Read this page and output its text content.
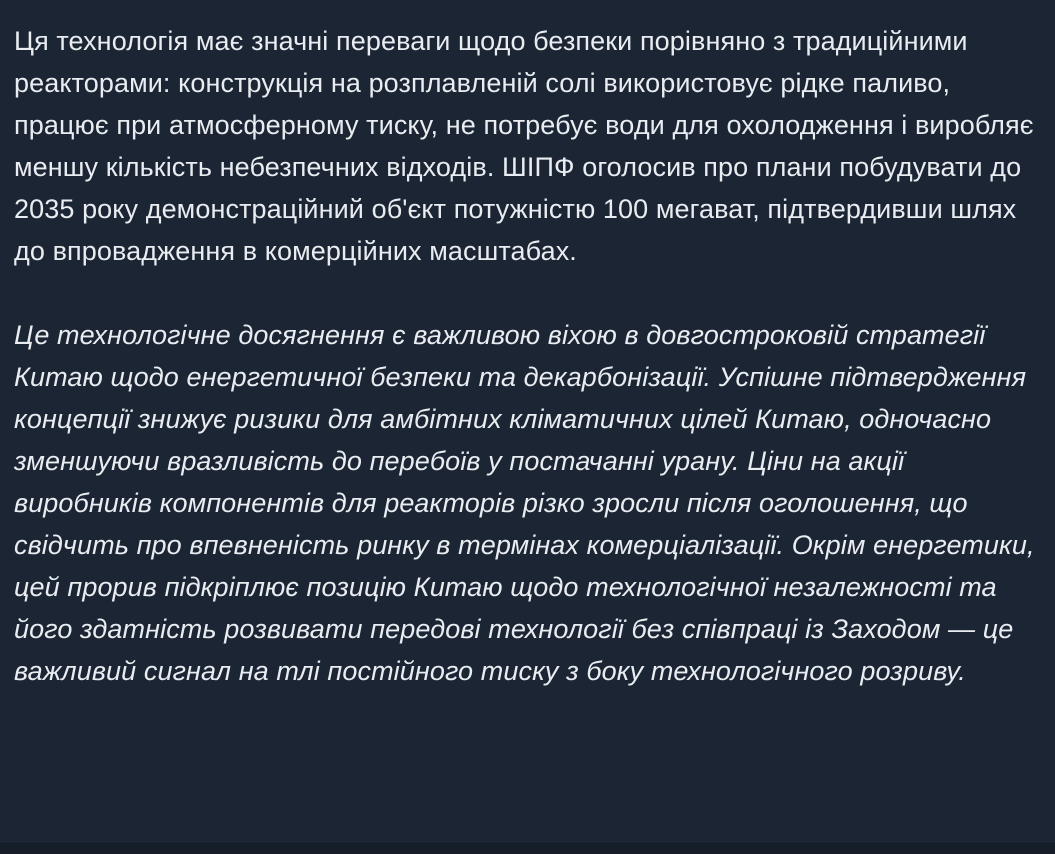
Ця технологія має значні переваги щодо безпеки порівняно з традиційними реакторами: конструкція на розплавленій солі використовує рідке паливо, працює при атмосферному тиску, не потребує води для охолодження і виробляє меншу кількість небезпечних відходів. ШІПФ оголосив про плани побудувати до 2035 року демонстраційний об'єкт потужністю 100 мегават, підтвердивши шлях до впровадження в комерційних масштабах.

Це технологічне досягнення є важливою віхою в довгостроковій стратегії Китаю щодо енергетичної безпеки та декарбонізації. Успішне підтвердження концепції знижує ризики для амбітних кліматичних цілей Китаю, одночасно зменшуючи вразливість до перебоїв у постачанні урану. Ціни на акції виробників компонентів для реакторів різко зросли після оголошення, що свідчить про впевненість ринку в термінах комерціалізації. Окрім енергетики, цей прорив підкріплює позицію Китаю щодо технологічної незалежності та його здатність розвивати передові технології без співпраці із Заходом — це важливий сигнал на тлі постійного тиску з боку технологічного розриву.
